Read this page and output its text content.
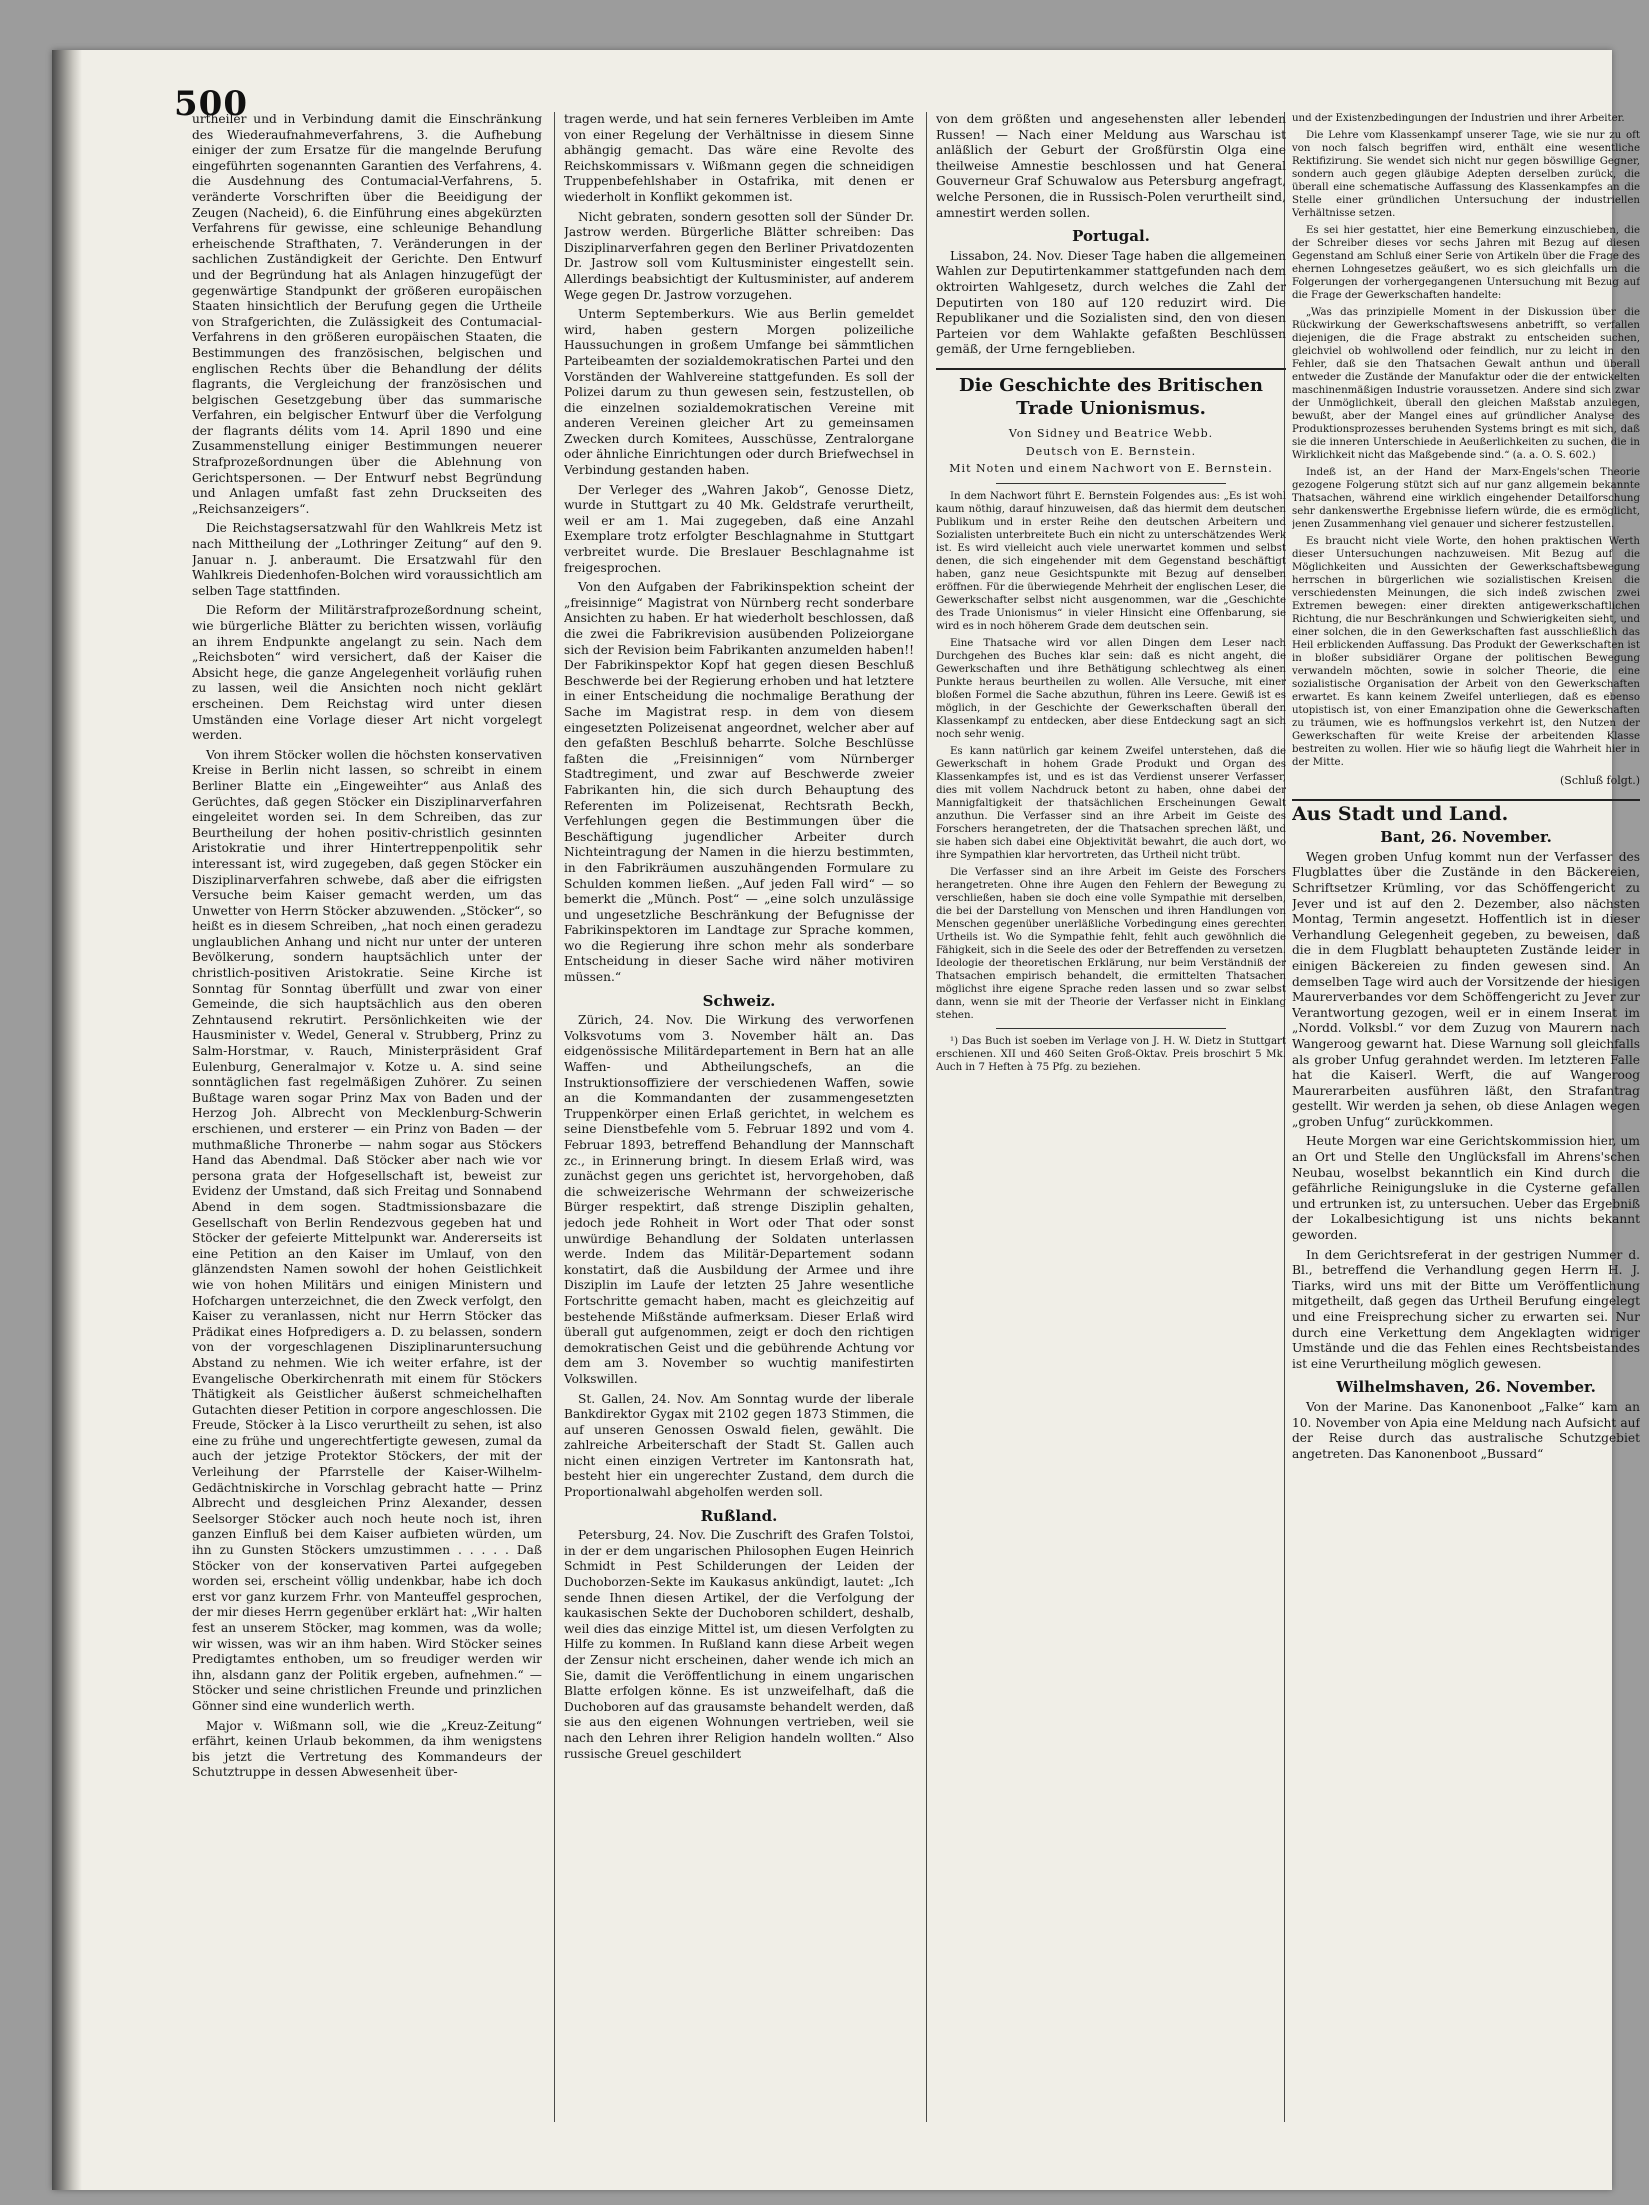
500

urtheiler und in Verbindung damit die Einschränkung des Wiederaufnahmeverfahrens, 3. die Aufhebung einiger der zum Ersatze für die mangelnde Berufung eingeführten sogenannten Garantien des Verfahrens, 4. die Ausdehnung des Contumacial-Verfahrens, 5. veränderte Vorschriften über die Beeidigung der Zeugen (Nacheid), 6. die Einführung eines abgekürzten Verfahrens für gewisse, eine schleunige Behandlung erheischende Strafthaten, 7. Veränderungen in der sachlichen Zuständigkeit der Gerichte. Den Entwurf und der Begründung hat als Anlagen hinzugefügt der gegenwärtige Standpunkt der größeren europäischen Staaten hinsichtlich der Berufung gegen die Urtheile von Strafgerichten, die Zulässigkeit des Contumacial-Verfahrens in den größeren europäischen Staaten, die Bestimmungen des französischen, belgischen und englischen Rechts über die Behandlung der délits flagrants, die Vergleichung der französischen und belgischen Gesetzgebung über das summarische Verfahren, ein belgischer Entwurf über die Verfolgung der flagrants délits vom 14. April 1890 und eine Zusammenstellung einiger Bestimmungen neuerer Strafprozeßordnungen über die Ablehnung von Gerichtspersonen. — Der Entwurf nebst Begründung und Anlagen umfaßt fast zehn Druckseiten des „Reichsanzeigers“.

Die Reichstagsersatzwahl für den Wahlkreis Metz ist nach Mittheilung der „Lothringer Zeitung“ auf den 9. Januar n. J. anberaumt. Die Ersatzwahl für den Wahlkreis Diedenhofen-Bolchen wird voraussichtlich am selben Tage stattfinden.

Die Reform der Militärstrafprozeßordnung scheint, wie bürgerliche Blätter zu berichten wissen, vorläufig an ihrem Endpunkte angelangt zu sein. Nach dem „Reichsboten“ wird versichert, daß der Kaiser die Absicht hege, die ganze Angelegenheit vorläufig ruhen zu lassen, weil die Ansichten noch nicht geklärt erscheinen. Dem Reichstag wird unter diesen Umständen eine Vorlage dieser Art nicht vorgelegt werden.

Von ihrem Stöcker wollen die höchsten konservativen Kreise in Berlin nicht lassen, so schreibt in einem Berliner Blatte ein „Eingeweihter“ aus Anlaß des Gerüchtes, daß gegen Stöcker ein Disziplinarverfahren eingeleitet worden sei. In dem Schreiben, das zur Beurtheilung der hohen positiv-christlich gesinnten Aristokratie und ihrer Hintertreppenpolitik sehr interessant ist, wird zugegeben, daß gegen Stöcker ein Disziplinarverfahren schwebe, daß aber die eifrigsten Versuche beim Kaiser gemacht werden, um das Unwetter von Herrn Stöcker abzuwenden. „Stöcker“, so heißt es in diesem Schreiben, „hat noch einen geradezu unglaublichen Anhang und nicht nur unter der unteren Bevölkerung, sondern hauptsächlich unter der christlich-positiven Aristokratie. Seine Kirche ist Sonntag für Sonntag überfüllt und zwar von einer Gemeinde, die sich hauptsächlich aus den oberen Zehntausend rekrutirt. Persönlichkeiten wie der Hausminister v. Wedel, General v. Strubberg, Prinz zu Salm-Horstmar, v. Rauch, Ministerpräsident Graf Eulenburg, Generalmajor v. Kotze u. A. sind seine sonntäglichen fast regelmäßigen Zuhörer. Zu seinen Bußtage waren sogar Prinz Max von Baden und der Herzog Joh. Albrecht von Mecklenburg-Schwerin erschienen, und ersterer — ein Prinz von Baden — der muthmaßliche Thronerbe — nahm sogar aus Stöckers Hand das Abendmal. Daß Stöcker aber nach wie vor persona grata der Hofgesellschaft ist, beweist zur Evidenz der Umstand, daß sich Freitag und Sonnabend Abend in dem sogen. Stadtmissionsbazare die Gesellschaft von Berlin Rendezvous gegeben hat und Stöcker der gefeierte Mittelpunkt war. Andererseits ist eine Petition an den Kaiser im Umlauf, von den glänzendsten Namen sowohl der hohen Geistlichkeit wie von hohen Militärs und einigen Ministern und Hofchargen unterzeichnet, die den Zweck verfolgt, den Kaiser zu veranlassen, nicht nur Herrn Stöcker das Prädikat eines Hofpredigers a. D. zu belassen, sondern von der vorgeschlagenen Disziplinaruntersuchung Abstand zu nehmen. Wie ich weiter erfahre, ist der Evangelische Oberkirchenrath mit einem für Stöckers Thätigkeit als Geistlicher äußerst schmeichelhaften Gutachten dieser Petition in corpore angeschlossen. Die Freude, Stöcker à la Lisco verurtheilt zu sehen, ist also eine zu frühe und ungerechtfertigte gewesen, zumal da auch der jetzige Protektor Stöckers, der mit der Verleihung der Pfarrstelle der Kaiser-Wilhelm-Gedächtniskirche in Vorschlag gebracht hatte — Prinz Albrecht und desgleichen Prinz Alexander, dessen Seelsorger Stöcker auch noch heute noch ist, ihren ganzen Einfluß bei dem Kaiser aufbieten würden, um ihn zu Gunsten Stöckers umzustimmen . . . . . Daß Stöcker von der konservativen Partei aufgegeben worden sei, erscheint völlig undenkbar, habe ich doch erst vor ganz kurzem Frhr. von Manteuffel gesprochen, der mir dieses Herrn gegenüber erklärt hat: „Wir halten fest an unserem Stöcker, mag kommen, was da wolle; wir wissen, was wir an ihm haben. Wird Stöcker seines Predigtamtes enthoben, um so freudiger werden wir ihn, alsdann ganz der Politik ergeben, aufnehmen.“ — Stöcker und seine christlichen Freunde und prinzlichen Gönner sind eine wunderlich werth.

Major v. Wißmann soll, wie die „Kreuz-Zeitung“ erfährt, keinen Urlaub bekommen, da ihm wenigstens bis jetzt die Vertretung des Kommandeurs der Schutztruppe in dessen Abwesenheit über-

tragen werde, und hat sein ferneres Verbleiben im Amte von einer Regelung der Verhältnisse in diesem Sinne abhängig gemacht. Das wäre eine Revolte des Reichskommissars v. Wißmann gegen die schneidigen Truppenbefehlshaber in Ostafrika, mit denen er wiederholt in Konflikt gekommen ist.

Nicht gebraten, sondern gesotten soll der Sünder Dr. Jastrow werden. Bürgerliche Blätter schreiben: Das Disziplinarverfahren gegen den Berliner Privatdozenten Dr. Jastrow soll vom Kultusminister eingestellt sein. Allerdings beabsichtigt der Kultusminister, auf anderem Wege gegen Dr. Jastrow vorzugehen.

Unterm Septemberkurs. Wie aus Berlin gemeldet wird, haben gestern Morgen polizeiliche Haussuchungen in großem Umfange bei sämmtlichen Parteibeamten der sozialdemokratischen Partei und den Vorständen der Wahlvereine stattgefunden. Es soll der Polizei darum zu thun gewesen sein, festzustellen, ob die einzelnen sozialdemokratischen Vereine mit anderen Vereinen gleicher Art zu gemeinsamen Zwecken durch Komitees, Ausschüsse, Zentralorgane oder ähnliche Einrichtungen oder durch Briefwechsel in Verbindung gestanden haben.

Der Verleger des „Wahren Jakob“, Genosse Dietz, wurde in Stuttgart zu 40 Mk. Geldstrafe verurtheilt, weil er am 1. Mai zugegeben, daß eine Anzahl Exemplare trotz erfolgter Beschlagnahme in Stuttgart verbreitet wurde. Die Breslauer Beschlagnahme ist freigesprochen.

Von den Aufgaben der Fabrikinspektion scheint der „freisinnige“ Magistrat von Nürnberg recht sonderbare Ansichten zu haben. Er hat wiederholt beschlossen, daß die zwei die Fabrikrevision ausübenden Polizeiorgane sich der Revision beim Fabrikanten anzumelden haben!! Der Fabrikinspektor Kopf hat gegen diesen Beschluß Beschwerde bei der Regierung erhoben und hat letztere in einer Entscheidung die nochmalige Berathung der Sache im Magistrat resp. in dem von diesem eingesetzten Polizeisenat angeordnet, welcher aber auf den gefaßten Beschluß beharrte. Solche Beschlüsse faßten die „Freisinnigen“ vom Nürnberger Stadtregiment, und zwar auf Beschwerde zweier Fabrikanten hin, die sich durch Behauptung des Referenten im Polizeisenat, Rechtsrath Beckh, Verfehlungen gegen die Bestimmungen über die Beschäftigung jugendlicher Arbeiter durch Nichteintragung der Namen in die hierzu bestimmten, in den Fabrikräumen auszuhängenden Formulare zu Schulden kommen ließen. „Auf jeden Fall wird“ — so bemerkt die „Münch. Post“ — „eine solch unzulässige und ungesetzliche Beschränkung der Befugnisse der Fabrikinspektoren im Landtage zur Sprache kommen, wo die Regierung ihre schon mehr als sonderbare Entscheidung in dieser Sache wird näher motiviren müssen.“

Schweiz.

Zürich, 24. Nov. Die Wirkung des verworfenen Volksvotums vom 3. November hält an. Das eidgenössische Militärdepartement in Bern hat an alle Waffen- und Abtheilungschefs, an die Instruktionsoffiziere der verschiedenen Waffen, sowie an die Kommandanten der zusammengesetzten Truppenkörper einen Erlaß gerichtet, in welchem es seine Dienstbefehle vom 5. Februar 1892 und vom 4. Februar 1893, betreffend Behandlung der Mannschaft zc., in Erinnerung bringt. In diesem Erlaß wird, was zunächst gegen uns gerichtet ist, hervorgehoben, daß die schweizerische Wehrmann der schweizerische Bürger respektirt, daß strenge Disziplin gehalten, jedoch jede Rohheit in Wort oder That oder sonst unwürdige Behandlung der Soldaten unterlassen werde. Indem das Militär-Departement sodann konstatirt, daß die Ausbildung der Armee und ihre Disziplin im Laufe der letzten 25 Jahre wesentliche Fortschritte gemacht haben, macht es gleichzeitig auf bestehende Mißstände aufmerksam. Dieser Erlaß wird überall gut aufgenommen, zeigt er doch den richtigen demokratischen Geist und die gebührende Achtung vor dem am 3. November so wuchtig manifestirten Volkswillen.

St. Gallen, 24. Nov. Am Sonntag wurde der liberale Bankdirektor Gygax mit 2102 gegen 1873 Stimmen, die auf unseren Genossen Oswald fielen, gewählt. Die zahlreiche Arbeiterschaft der Stadt St. Gallen auch nicht einen einzigen Vertreter im Kantonsrath hat, besteht hier ein ungerechter Zustand, dem durch die Proportionalwahl abgeholfen werden soll.

Rußland.

Petersburg, 24. Nov. Die Zuschrift des Grafen Tolstoi, in der er dem ungarischen Philosophen Eugen Heinrich Schmidt in Pest Schilderungen der Leiden der Duchoborzen-Sekte im Kaukasus ankündigt, lautet: „Ich sende Ihnen diesen Artikel, der die Verfolgung der kaukasischen Sekte der Duchoboren schildert, deshalb, weil dies das einzige Mittel ist, um diesen Verfolgten zu Hilfe zu kommen. In Rußland kann diese Arbeit wegen der Zensur nicht erscheinen, daher wende ich mich an Sie, damit die Veröffentlichung in einem ungarischen Blatte erfolgen könne. Es ist unzweifelhaft, daß die Duchoboren auf das grausamste behandelt werden, daß sie aus den eigenen Wohnungen vertrieben, weil sie nach den Lehren ihrer Religion handeln wollten.“ Also russische Greuel geschildert

von dem größten und angesehensten aller lebenden Russen! — Nach einer Meldung aus Warschau ist anläßlich der Geburt der Großfürstin Olga eine theilweise Amnestie beschlossen und hat General Gouverneur Graf Schuwalow aus Petersburg angefragt, welche Personen, die in Russisch-Polen verurtheilt sind, amnestirt werden sollen.

Portugal.

Lissabon, 24. Nov. Dieser Tage haben die allgemeinen Wahlen zur Deputirtenkammer stattgefunden nach dem oktroirten Wahlgesetz, durch welches die Zahl der Deputirten von 180 auf 120 reduzirt wird. Die Republikaner und die Sozialisten sind, den von diesen Parteien vor dem Wahlakte gefaßten Beschlüssen gemäß, der Urne ferngeblieben.

Die Geschichte des Britischen Trade Unionismus.
Von Sidney und Beatrice Webb.
Deutsch von E. Bernstein.
Mit Noten und einem Nachwort von E. Bernstein.

In dem Nachwort führt E. Bernstein Folgendes aus: „Es ist wohl kaum nöthig, darauf hinzuweisen, daß das hiermit dem deutschen Publikum und in erster Reihe den deutschen Arbeitern und Sozialisten unterbreitete Buch ein nicht zu unterschätzendes Werk ist. Es wird vielleicht auch viele unerwartet kommen und selbst denen, die sich eingehender mit dem Gegenstand beschäftigt haben, ganz neue Gesichtspunkte mit Bezug auf denselben eröffnen. Für die überwiegende Mehrheit der englischen Leser, die Gewerkschafter selbst nicht ausgenommen, war die „Geschichte des Trade Unionismus“ in vieler Hinsicht eine Offenbarung, sie wird es in noch höherem Grade dem deutschen sein.

Eine Thatsache wird vor allen Dingen dem Leser nach Durchgehen des Buches klar sein: daß es nicht angeht, die Gewerkschaften und ihre Bethätigung schlechtweg als einen Punkte heraus beurtheilen zu wollen. Alle Versuche, mit einer bloßen Formel die Sache abzuthun, führen ins Leere. Gewiß ist es möglich, in der Geschichte der Gewerkschaften überall den Klassenkampf zu entdecken, aber diese Entdeckung sagt an sich noch sehr wenig.

Es kann natürlich gar keinem Zweifel unterstehen, daß die Gewerkschaft in hohem Grade Produkt und Organ des Klassenkampfes ist, und es ist das Verdienst unserer Verfasser, dies mit vollem Nachdruck betont zu haben, ohne dabei der Mannigfaltigkeit der thatsächlichen Erscheinungen Gewalt anzuthun. Die Verfasser sind an ihre Arbeit im Geiste des Forschers herangetreten, der die Thatsachen sprechen läßt, und sie haben sich dabei eine Objektivität bewahrt, die auch dort, wo ihre Sympathien klar hervortreten, das Urtheil nicht trübt.

Die Verfasser sind an ihre Arbeit im Geiste des Forschers herangetreten. Ohne ihre Augen den Fehlern der Bewegung zu verschließen, haben sie doch eine volle Sympathie mit derselben, die bei der Darstellung von Menschen und ihren Handlungen von Menschen gegenüber unerläßliche Vorbedingung eines gerechten Urtheils ist. Wo die Sympathie fehlt, fehlt auch gewöhnlich die Fähigkeit, sich in die Seele des oder der Betreffenden zu versetzen. Ideologie der theoretischen Erklärung, nur beim Verständniß der Thatsachen empirisch behandelt, die ermittelten Thatsachen möglichst ihre eigene Sprache reden lassen und so zwar selbst dann, wenn sie mit der Theorie der Verfasser nicht in Einklang stehen.

¹) Das Buch ist soeben im Verlage von J. H. W. Dietz in Stuttgart erschienen. XII und 460 Seiten Groß-Oktav. Preis broschirt 5 Mk. Auch in 7 Heften à 75 Pfg. zu beziehen.

und der Existenzbedingungen der Industrien und ihrer Arbeiter.

Die Lehre vom Klassenkampf unserer Tage, wie sie nur zu oft von noch falsch begriffen wird, enthält eine wesentliche Rektifizirung. Sie wendet sich nicht nur gegen böswillige Gegner, sondern auch gegen gläubige Adepten derselben zurück, die überall eine schematische Auffassung des Klassenkampfes an die Stelle einer gründlichen Untersuchung der industriellen Verhältnisse setzen.

Es sei hier gestattet, hier eine Bemerkung einzuschieben, die der Schreiber dieses vor sechs Jahren mit Bezug auf diesen Gegenstand am Schluß einer Serie von Artikeln über die Frage des ehernen Lohngesetzes geäußert, wo es sich gleichfalls um die Folgerungen der vorhergegangenen Untersuchung mit Bezug auf die Frage der Gewerkschaften handelte:

„Was das prinzipielle Moment in der Diskussion über die Rückwirkung der Gewerkschaftswesens anbetrifft, so verfallen diejenigen, die die Frage abstrakt zu entscheiden suchen, gleichviel ob wohlwollend oder feindlich, nur zu leicht in den Fehler, daß sie den Thatsachen Gewalt anthun und überall entweder die Zustände der Manufaktur oder die der entwickelten maschinenmäßigen Industrie voraussetzen. Andere sind sich zwar der Unmöglichkeit, überall den gleichen Maßstab anzulegen, bewußt, aber der Mangel eines auf gründlicher Analyse des Produktionsprozesses beruhenden Systems bringt es mit sich, daß sie die inneren Unterschiede in Aeußerlichkeiten zu suchen, die in Wirklichkeit nicht das Maßgebende sind.“ (a. a. O. S. 602.)

Indeß ist, an der Hand der Marx-Engels'schen Theorie gezogene Folgerung stützt sich auf nur ganz allgemein bekannte Thatsachen, während eine wirklich eingehender Detailforschung sehr dankenswerthe Ergebnisse liefern würde, die es ermöglicht, jenen Zusammenhang viel genauer und sicherer festzustellen.

Es braucht nicht viele Worte, den hohen praktischen Werth dieser Untersuchungen nachzuweisen. Mit Bezug auf die Möglichkeiten und Aussichten der Gewerkschaftsbewegung herrschen in bürgerlichen wie sozialistischen Kreisen die verschiedensten Meinungen, die sich indeß zwischen zwei Extremen bewegen: einer direkten antigewerkschaftlichen Richtung, die nur Beschränkungen und Schwierigkeiten sieht, und einer solchen, die in den Gewerkschaften fast ausschließlich das Heil erblickenden Auffassung. Das Produkt der Gewerkschaften ist in bloßer subsidiärer Organe der politischen Bewegung verwandeln möchten, sowie in solcher Theorie, die eine sozialistische Organisation der Arbeit von den Gewerkschaften erwartet. Es kann keinem Zweifel unterliegen, daß es ebenso utopistisch ist, von einer Emanzipation ohne die Gewerkschaften zu träumen, wie es hoffnungslos verkehrt ist, den Nutzen der Gewerkschaften für weite Kreise der arbeitenden Klasse bestreiten zu wollen. Hier wie so häufig liegt die Wahrheit hier in der Mitte.

(Schluß folgt.)
Aus Stadt und Land.
Bant, 26. November.

Wegen groben Unfug kommt nun der Verfasser des Flugblattes über die Zustände in den Bäckereien, Schriftsetzer Krümling, vor das Schöffengericht zu Jever und ist auf den 2. Dezember, also nächsten Montag, Termin angesetzt. Hoffentlich ist in dieser Verhandlung Gelegenheit gegeben, zu beweisen, daß die in dem Flugblatt behaupteten Zustände leider in einigen Bäckereien zu finden gewesen sind. An demselben Tage wird auch der Vorsitzende der hiesigen Maurerverbandes vor dem Schöffengericht zu Jever zur Verantwortung gezogen, weil er in einem Inserat im „Nordd. Volksbl.“ vor dem Zuzug von Maurern nach Wangeroog gewarnt hat. Diese Warnung soll gleichfalls als grober Unfug gerahndet werden. Im letzteren Falle hat die Kaiserl. Werft, die auf Wangeroog Maurerarbeiten ausführen läßt, den Strafantrag gestellt. Wir werden ja sehen, ob diese Anlagen wegen „groben Unfug“ zurückkommen.

Heute Morgen war eine Gerichtskommission hier, um an Ort und Stelle den Unglücksfall im Ahrens'schen Neubau, woselbst bekanntlich ein Kind durch die gefährliche Reinigungsluke in die Cysterne gefallen und ertrunken ist, zu untersuchen. Ueber das Ergebniß der Lokalbesichtigung ist uns nichts bekannt geworden.

In dem Gerichtsreferat in der gestrigen Nummer d. Bl., betreffend die Verhandlung gegen Herrn H. J. Tiarks, wird uns mit der Bitte um Veröffentlichung mitgetheilt, daß gegen das Urtheil Berufung eingelegt und eine Freisprechung sicher zu erwarten sei. Nur durch eine Verkettung dem Angeklagten widriger Umstände und die das Fehlen eines Rechtsbeistandes ist eine Verurtheilung möglich gewesen.

Wilhelmshaven, 26. November.

Von der Marine. Das Kanonenboot „Falke“ kam an 10. November von Apia eine Meldung nach Aufsicht auf der Reise durch das australische Schutzgebiet angetreten. Das Kanonenboot „Bussard“
